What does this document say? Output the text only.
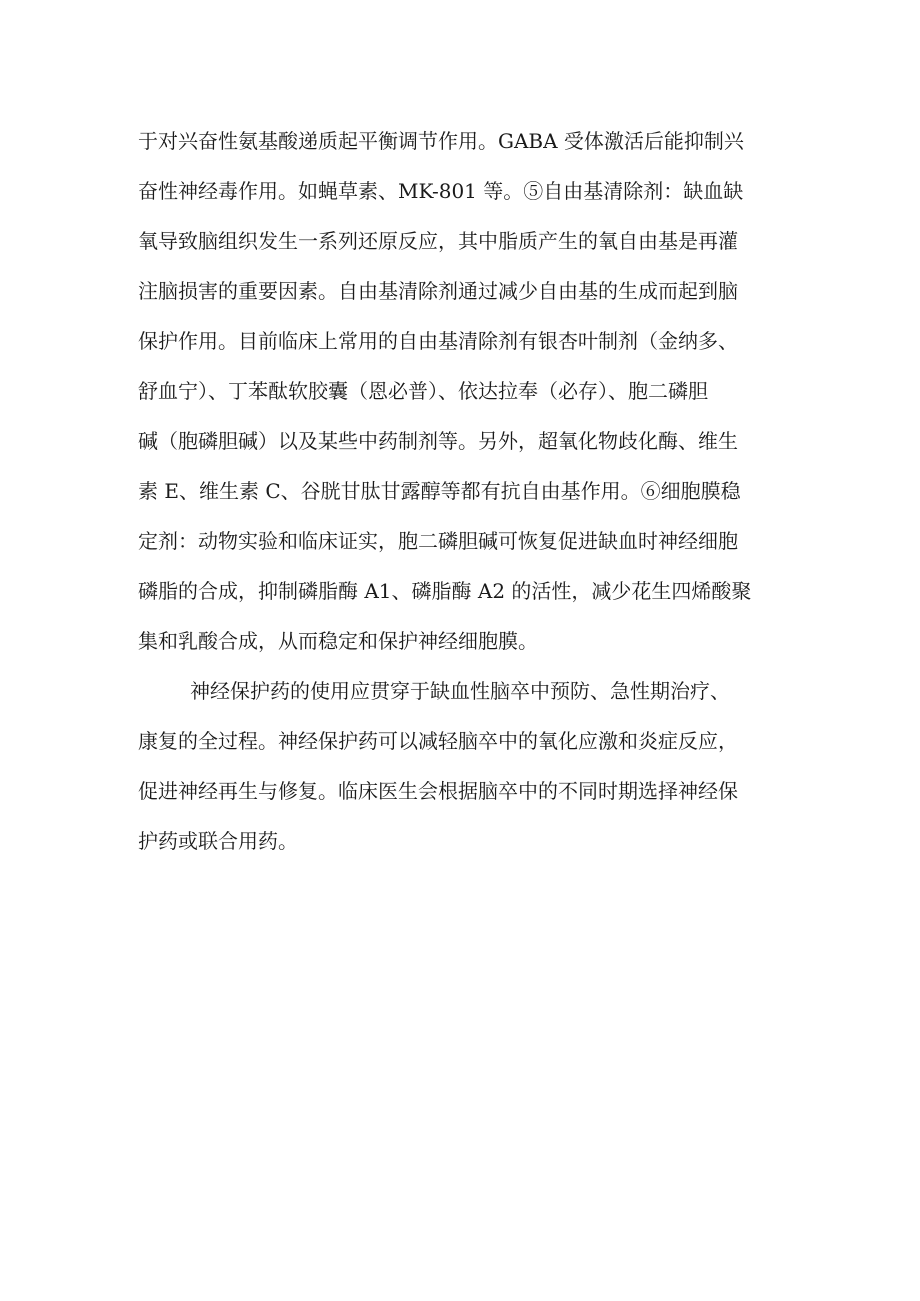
于对兴奋性氨基酸递质起平衡调节作用。GABA 受体激活后能抑制兴
奋性神经毒作用。如蝇草素、MK-801 等。⑤自由基清除剂：缺血缺
氧导致脑组织发生一系列还原反应，其中脂质产生的氧自由基是再灌
注脑损害的重要因素。自由基清除剂通过减少自由基的生成而起到脑
保护作用。目前临床上常用的自由基清除剂有银杏叶制剂（金纳多、
舒血宁）、丁苯酞软胶囊（恩必普）、依达拉奉（必存）、胞二磷胆
碱（胞磷胆碱）以及某些中药制剂等。另外，超氧化物歧化酶、维生
素 E、维生素 C、谷胱甘肽甘露醇等都有抗自由基作用。⑥细胞膜稳
定剂：动物实验和临床证实，胞二磷胆碱可恢复促进缺血时神经细胞
磷脂的合成，抑制磷脂酶 A1、磷脂酶 A2 的活性，减少花生四烯酸聚
集和乳酸合成，从而稳定和保护神经细胞膜。
神经保护药的使用应贯穿于缺血性脑卒中预防、急性期治疗、
康复的全过程。神经保护药可以减轻脑卒中的氧化应激和炎症反应，
促进神经再生与修复。临床医生会根据脑卒中的不同时期选择神经保
护药或联合用药。
